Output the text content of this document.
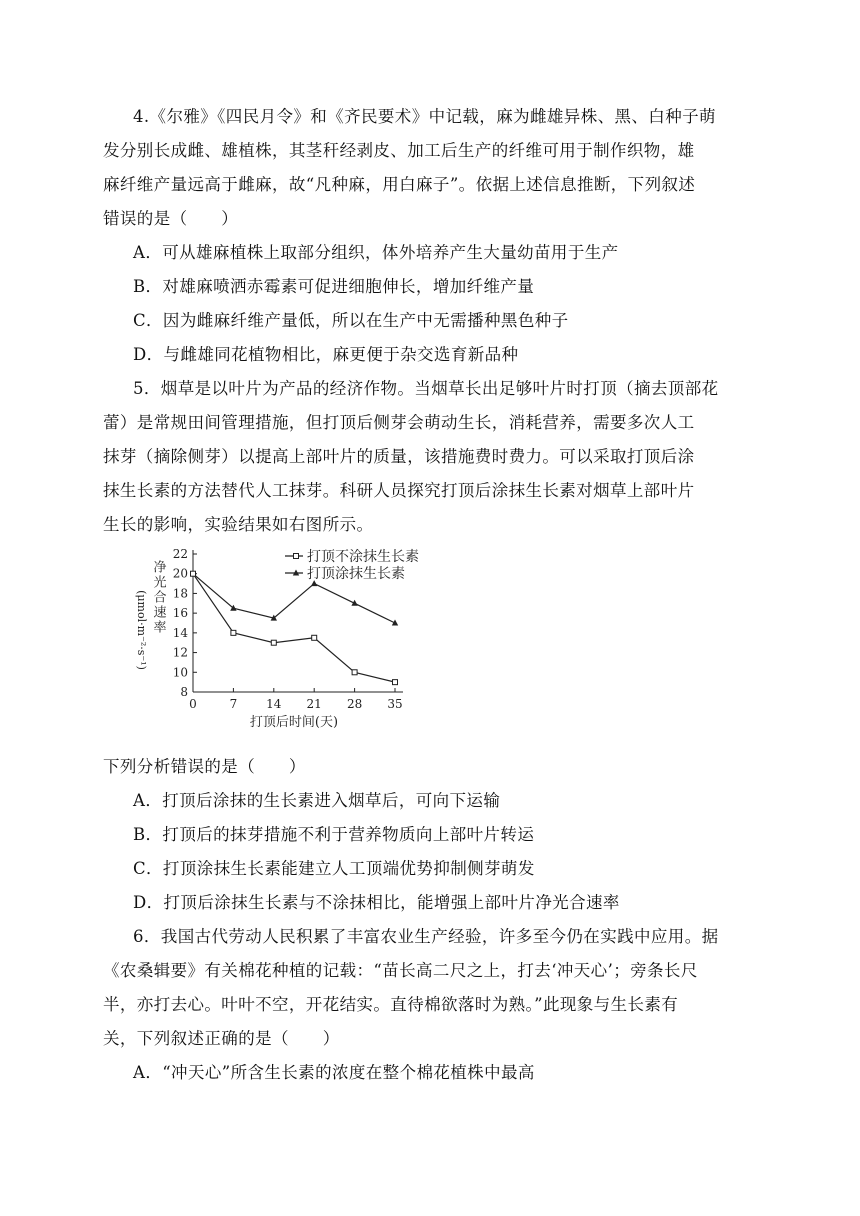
4.《尔雅》《四民月令》和《齐民要术》中记载，麻为雌雄异株、黑、白种子萌
发分别长成雌、雄植株，其茎秆经剥皮、加工后生产的纤维可用于制作织物，雄
麻纤维产量远高于雌麻，故“凡种麻，用白麻子”。依据上述信息推断，下列叙述
错误的是（　　）
A．可从雄麻植株上取部分组织，体外培养产生大量幼苗用于生产
B．对雄麻喷洒赤霉素可促进细胞伸长，增加纤维产量
C．因为雌麻纤维产量低，所以在生产中无需播种黑色种子
D．与雌雄同花植物相比，麻更便于杂交选育新品种
5．烟草是以叶片为产品的经济作物。当烟草长出足够叶片时打顶（摘去顶部花
蕾）是常规田间管理措施，但打顶后侧芽会萌动生长，消耗营养，需要多次人工
抹芽（摘除侧芽）以提高上部叶片的质量，该措施费时费力。可以采取打顶后涂
抹生长素的方法替代人工抹芽。科研人员探究打顶后涂抹生长素对烟草上部叶片
生长的影响，实验结果如右图所示。
8
10
12
14
16
18
20
22
0	7 14 21 28 35
打顶不涂抹生长素
打顶涂抹生长素
净光合速率
(μmol·m⁻²·s⁻¹)
打顶后时间(天)
下列分析错误的是（　　）
A．打顶后涂抹的生长素进入烟草后，可向下运输
B．打顶后的抹芽措施不利于营养物质向上部叶片转运
C．打顶涂抹生长素能建立人工顶端优势抑制侧芽萌发
D．打顶后涂抹生长素与不涂抹相比，能增强上部叶片净光合速率
6．我国古代劳动人民积累了丰富农业生产经验，许多至今仍在实践中应用。据
《农桑辑要》有关棉花种植的记载：“苗长高二尺之上，打去‘冲天心’；旁条长尺
半，亦打去心。叶叶不空，开花结实。直待棉欲落时为熟。”此现象与生长素有
关，下列叙述正确的是（　　）
A．“冲天心”所含生长素的浓度在整个棉花植株中最高
